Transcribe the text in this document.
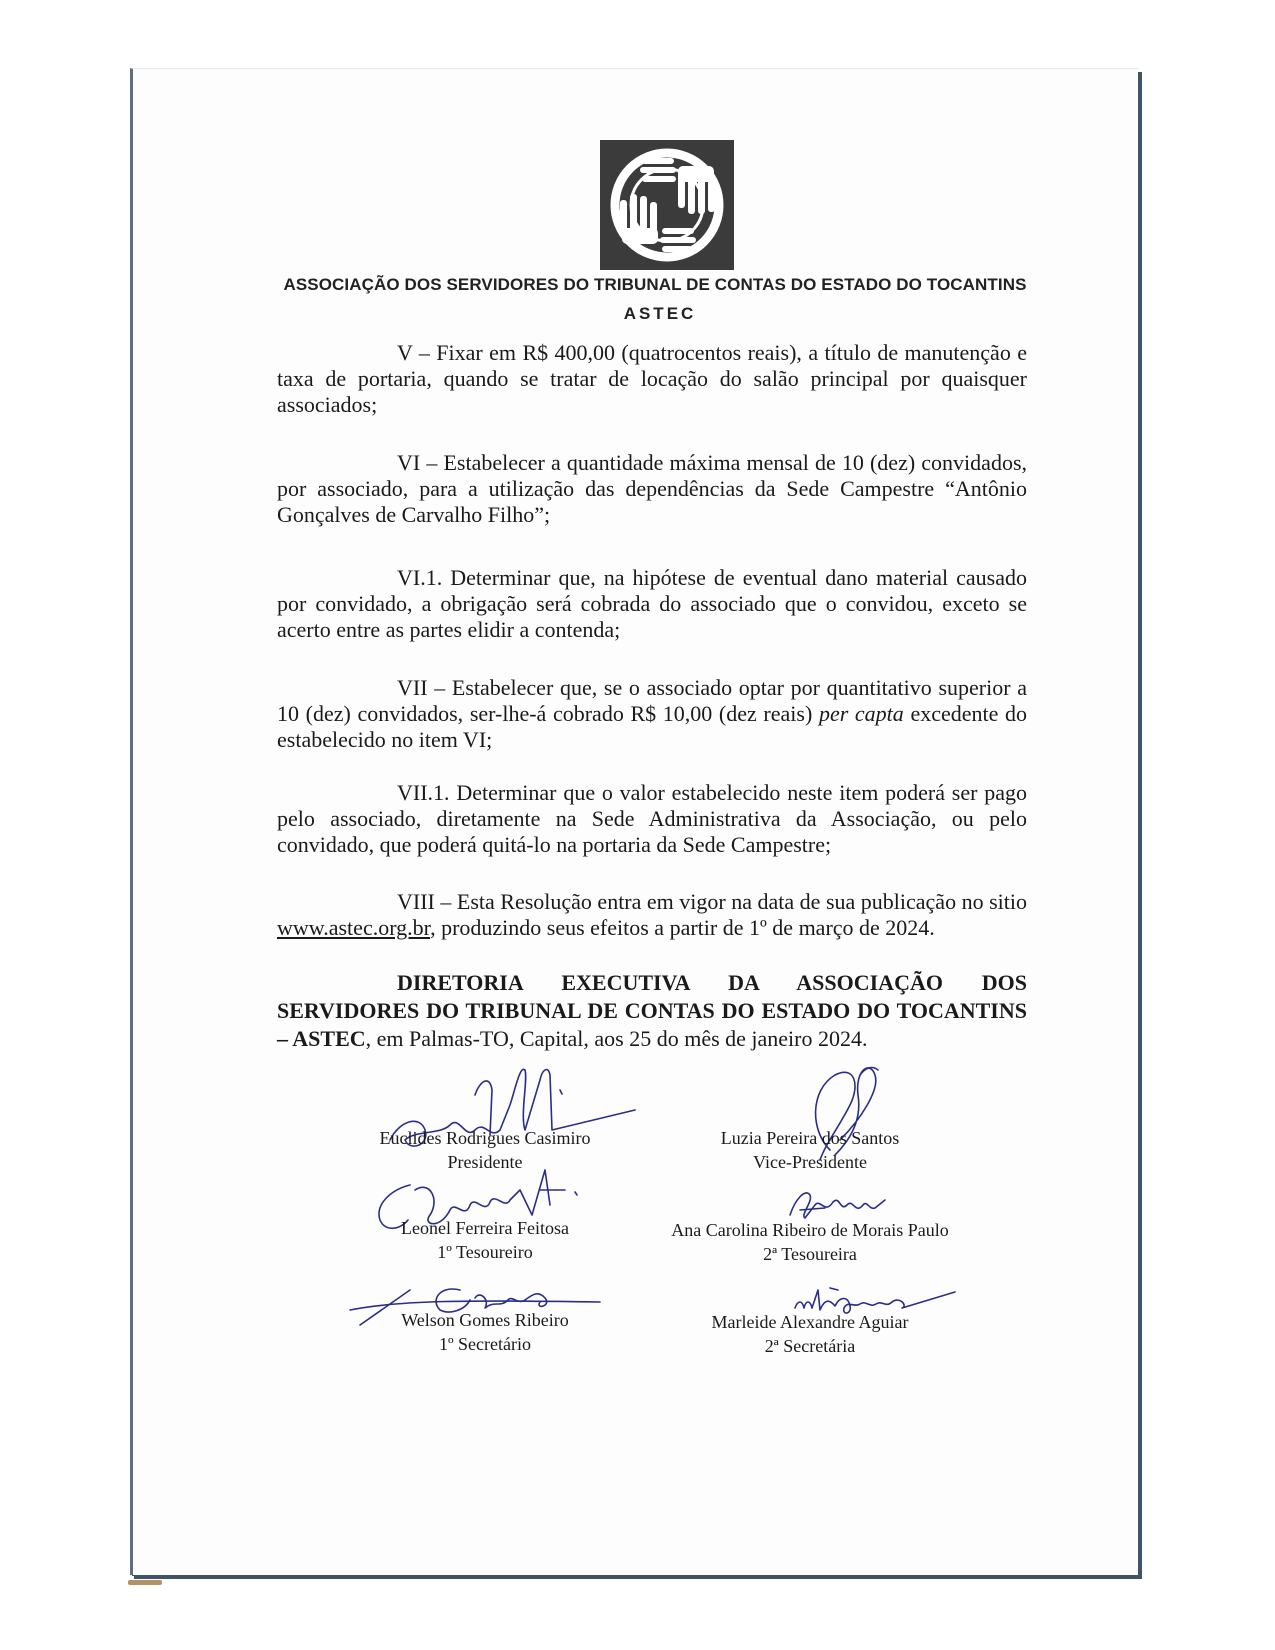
ASSOCIAÇÃO DOS SERVIDORES DO TRIBUNAL DE CONTAS DO ESTADO DO TOCANTINS
ASTEC

V – Fixar em R$ 400,00 (quatrocentos reais), a título de manutenção e taxa de portaria, quando se tratar de locação do salão principal por quaisquer associados;

VI – Estabelecer a quantidade máxima mensal de 10 (dez) convidados, por associado, para a utilização das dependências da Sede Campestre “Antônio Gonçalves de Carvalho Filho”;

VI.1. Determinar que, na hipótese de eventual dano material causado por convidado, a obrigação será cobrada do associado que o convidou, exceto se acerto entre as partes elidir a contenda;

VII – Estabelecer que, se o associado optar por quantitativo superior a 10 (dez) convidados, ser-lhe-á cobrado R$ 10,00 (dez reais) per capta excedente do estabelecido no item VI;

VII.1. Determinar que o valor estabelecido neste item poderá ser pago pelo associado, diretamente na Sede Administrativa da Associação, ou pelo convidado, que poderá quitá-lo na portaria da Sede Campestre;

VIII – Esta Resolução entra em vigor na data de sua publicação no sitio www.astec.org.br, produzindo seus efeitos a partir de 1º de março de 2024.

DIRETORIA EXECUTIVA DA ASSOCIAÇÃO DOS SERVIDORES DO TRIBUNAL DE CONTAS DO ESTADO DO TOCANTINS – ASTEC, em Palmas-TO, Capital, aos 25 do mês de janeiro 2024.

Euclides Rodrigues Casimiro
Presidente
Luzia Pereira dos Santos
Vice-Presidente
Leonel Ferreira Feitosa
1º Tesoureiro
Ana Carolina Ribeiro de Morais Paulo
2ª Tesoureira
Welson Gomes Ribeiro
1º Secretário
Marleide Alexandre Aguiar
2ª Secretária
